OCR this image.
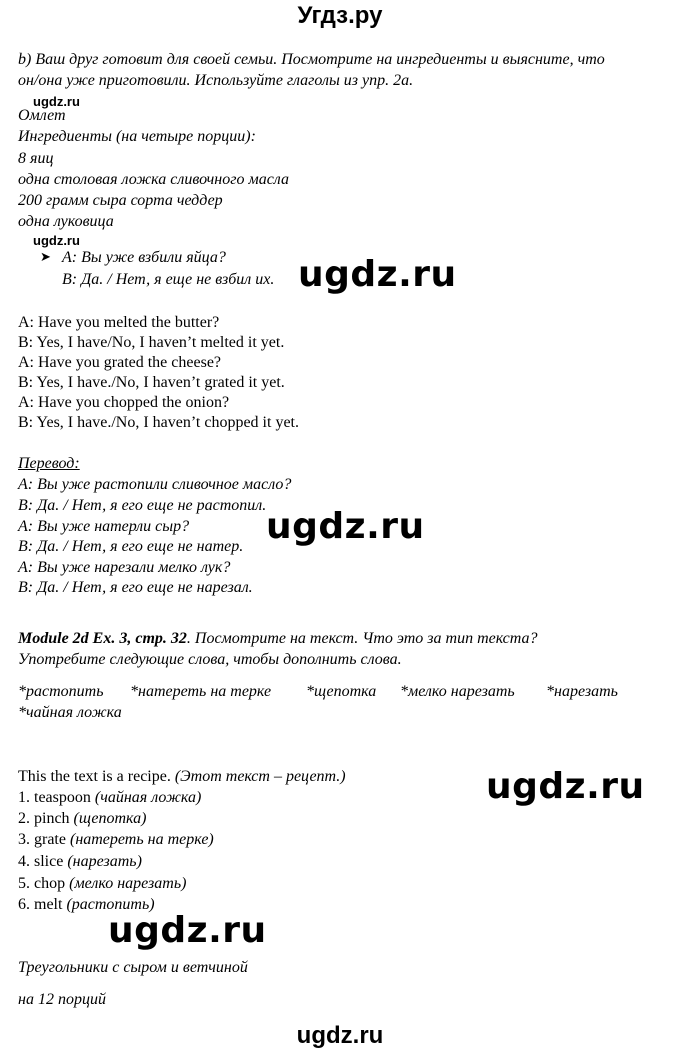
Угдз.ру
b) Ваш друг готовит для своей семьи. Посмотрите на ингредиенты и выясните, что
он/она уже приготовили. Используйте глаголы из упр. 2а.
ugdz.ru
Омлет
Ингредиенты (на четыре порции):
8 яиц
одна столовая ложка сливочного масла
200 грамм сыра сорта чеддер
одна луковица
ugdz.ru
➤ А: Вы уже взбили яйца?
В: Да. / Нет, я еще не взбил их. ugdz.ru
A: Have you melted the butter?
B: Yes, I have/No, I haven’t melted it yet.
A: Have you grated the cheese?
B: Yes, I have./No, I haven’t grated it yet.
A: Have you chopped the onion?
B: Yes, I have./No, I haven’t chopped it yet.
Перевод:
А: Вы уже растопили сливочное масло?
В: Да. / Нет, я его еще не растопил.
А: Вы уже натерли сыр?
В: Да. / Нет, я его еще не натер.
А: Вы уже нарезали мелко лук?
В: Да. / Нет, я его еще не нарезал.
ugdz.ru
Module 2d Ex. 3, стр. 32. Посмотрите на текст. Что это за тип текста?
Употребите следующие слова, чтобы дополнить слова.
*растопить *натереть на терке *щепотка *мелко нарезать *нарезать
*чайная ложка
This the text is a recipe. (Этот текст – рецепт.)	ugdz.ru
1. teaspoon (чайная ложка)
2. pinch (щепотка)
3. grate (натереть на терке)
4. slice (нарезать)
5. chop (мелко нарезать)
6. melt (растопить)
ugdz.ru
Треугольники с сыром и ветчиной
на 12 порций
ugdz.ru
